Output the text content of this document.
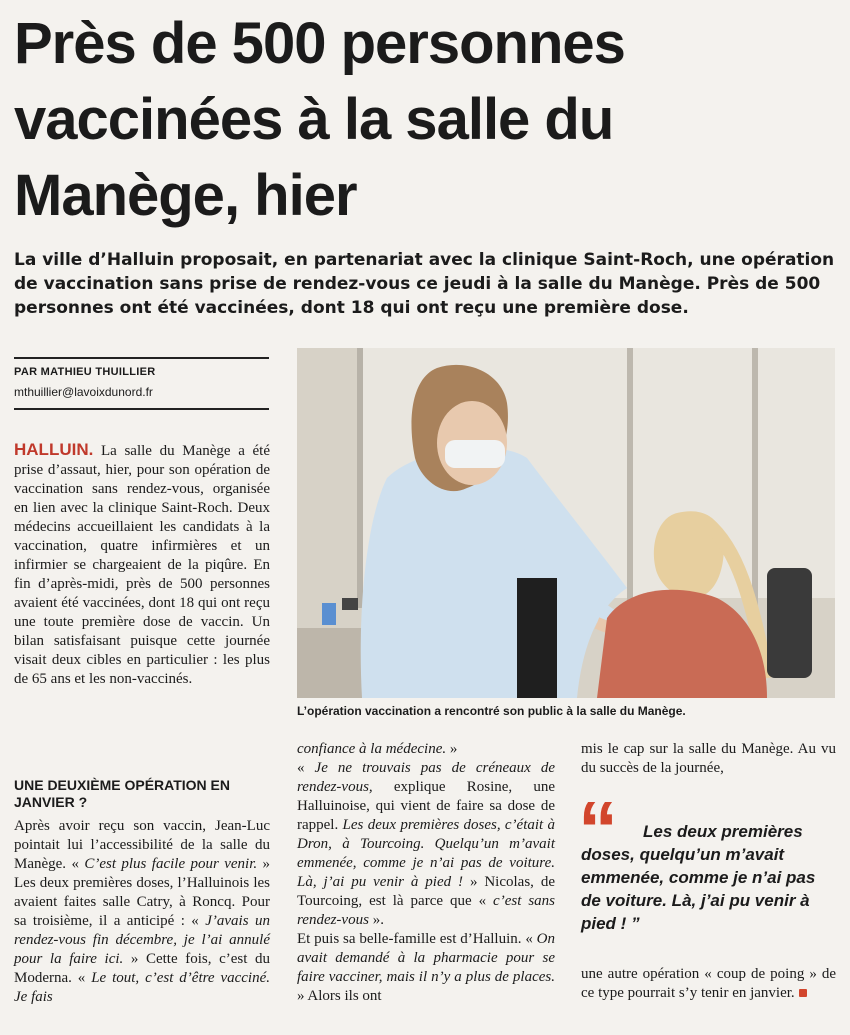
Près de 500 personnes vaccinées à la salle du Manège, hier

La ville d’Halluin proposait, en partenariat avec la clinique Saint-Roch, une opération de vaccination sans prise de rendez-vous ce jeudi à la salle du Manège. Près de 500 personnes ont été vaccinées, dont 18 qui ont reçu une première dose.

PAR MATHIEU THUILLIER
mthuillier@lavoixdunord.fr
HALLUIN. La salle du Manège a été prise d’assaut, hier, pour son opération de vaccination sans rendez-vous, organisée en lien avec la clinique Saint-Roch. Deux médecins accueillaient les candidats à la vaccination, quatre infirmières et un infirmier se chargeaient de la piqûre. En fin d’après-midi, près de 500 personnes avaient été vaccinées, dont 18 qui ont reçu une toute première dose de vaccin. Un bilan satisfaisant puisque cette journée visait deux cibles en particulier : les plus de 65 ans et les non-vaccinés.
UNE DEUXIÈME OPÉRATION EN JANVIER ?
Après avoir reçu son vaccin, Jean-Luc pointait lui l’accessibilité de la salle du Manège. « C’est plus facile pour venir. » Les deux premières doses, l’Halluinois les avaient faites salle Catry, à Roncq. Pour sa troisième, il a anticipé : « J’avais un rendez-vous fin décembre, je l’ai annulé pour la faire ici. » Cette fois, c’est du Moderna. « Le tout, c’est d’être vacciné. Je fais
L’opération vaccination a rencontré son public à la salle du Manège.
confiance à la médecine. »
« Je ne trouvais pas de créneaux de rendez-vous, explique Rosine, une Halluinoise, qui vient de faire sa dose de rappel. Les deux premières doses, c’était à Dron, à Tourcoing. Quelqu’un m’avait emmenée, comme je n’ai pas de voiture. Là, j’ai pu venir à pied ! » Nicolas, de Tourcoing, est là parce que « c’est sans rendez-vous ».
Et puis sa belle-famille est d’Halluin. « On avait demandé à la pharmacie pour se faire vacciner, mais il n’y a plus de places. » Alors ils ont
mis le cap sur la salle du Manège. Au vu du succès de la journée,
“	Les deux premières doses, quelqu’un m’avait emmenée, comme je n’ai pas de voiture. Là, j’ai pu venir à pied ! ”

une autre opération « coup de poing » de ce type pourrait s’y tenir en janvier.
